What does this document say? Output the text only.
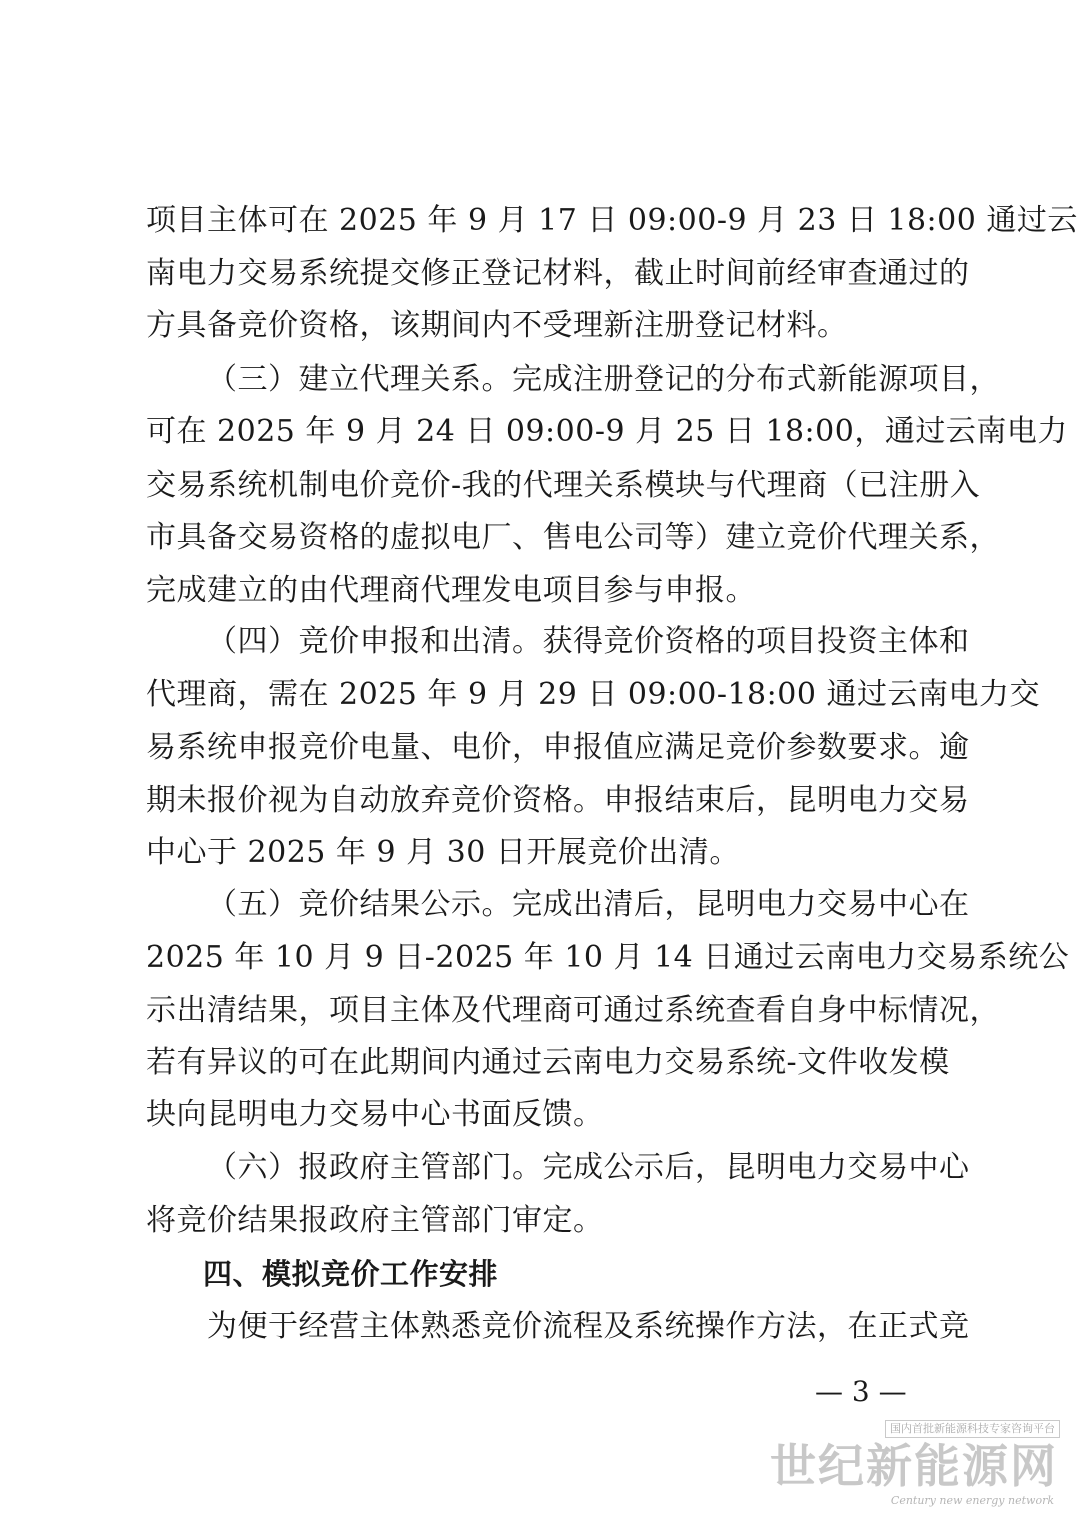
项目主体可在 2025 年 9 月 17 日 09:00-9 月 23 日 18:00 通过云
南电力交易系统提交修正登记材料，截止时间前经审查通过的
方具备竞价资格，该期间内不受理新注册登记材料。
（三）建立代理关系。完成注册登记的分布式新能源项目，
可在 2025 年 9 月 24 日 09:00-9 月 25 日 18:00，通过云南电力
交易系统机制电价竞价-我的代理关系模块与代理商（已注册入
市具备交易资格的虚拟电厂、售电公司等）建立竞价代理关系，
完成建立的由代理商代理发电项目参与申报。
（四）竞价申报和出清。获得竞价资格的项目投资主体和
代理商，需在 2025 年 9 月 29 日 09:00-18:00 通过云南电力交
易系统申报竞价电量、电价，申报值应满足竞价参数要求。逾
期未报价视为自动放弃竞价资格。申报结束后，昆明电力交易
中心于 2025 年 9 月 30 日开展竞价出清。
（五）竞价结果公示。完成出清后，昆明电力交易中心在
2025 年 10 月 9 日-2025 年 10 月 14 日通过云南电力交易系统公
示出清结果，项目主体及代理商可通过系统查看自身中标情况，
若有异议的可在此期间内通过云南电力交易系统-文件收发模
块向昆明电力交易中心书面反馈。
（六）报政府主管部门。完成公示后，昆明电力交易中心
将竞价结果报政府主管部门审定。
四、模拟竞价工作安排
为便于经营主体熟悉竞价流程及系统操作方法，在正式竞
— 3 —
国内首批新能源科技专家咨询平台
世纪新能源网
Century new energy network
